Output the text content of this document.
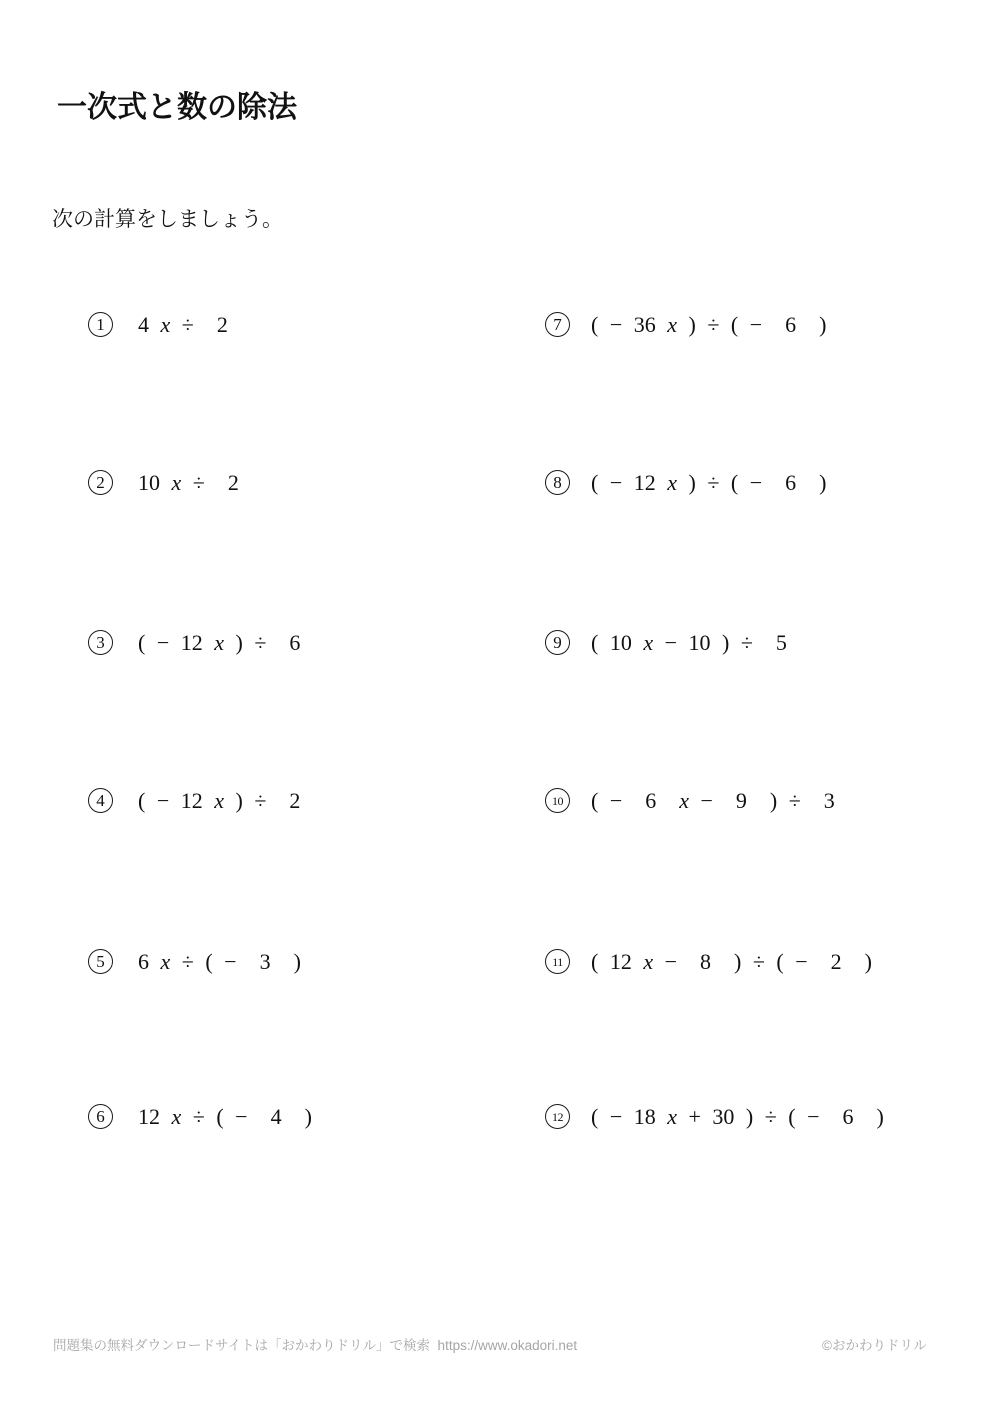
一次式と数の除法

次の計算をしましょう。

1	4 x ÷  2
2	10 x ÷  2
3	( − 12 x ) ÷  6
4	( − 12 x ) ÷  2
5	6 x ÷ ( −  3  )
6	12 x ÷ ( −  4  )
7	( − 36 x ) ÷ ( −  6  )
8	( − 12 x ) ÷ ( −  6  )
9	( 10 x − 10 ) ÷  5
10	( −  6  x −  9  ) ÷  3
11	( 12 x −  8  ) ÷ ( −  2  )
12	( − 18 x + 30 ) ÷ ( −  6  )
問題集の無料ダウンロードサイトは「おかわりドリル」で検索  https://www.okadori.net	©おかわりドリル
